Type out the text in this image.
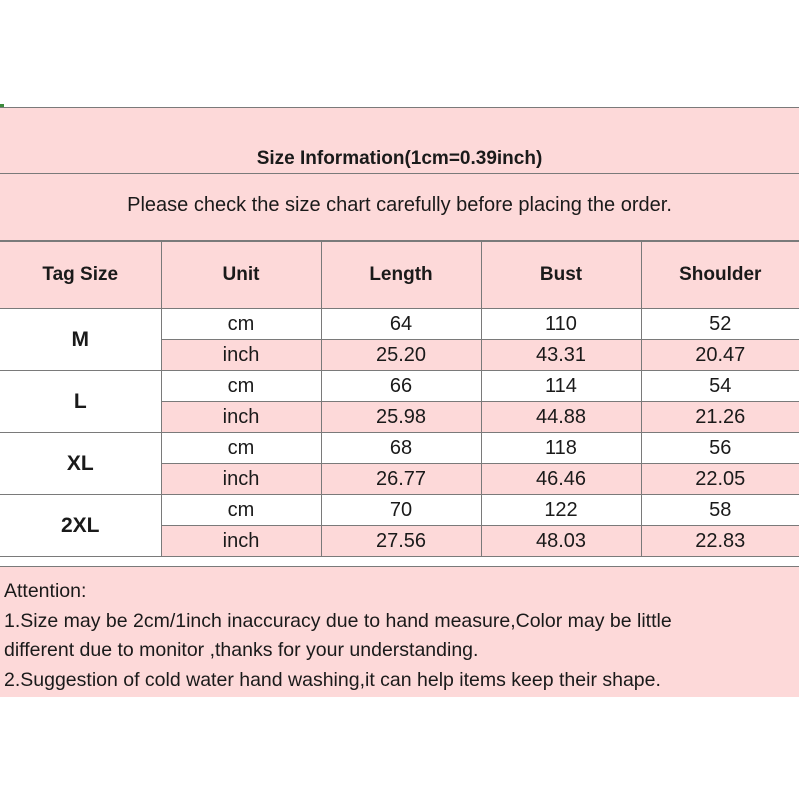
Size Information(1cm=0.39inch)
Please check the size chart carefully before placing the order.
Tag Size	Unit	Length	Bust	Shoulder
M	cm	64	110	52
	inch	25.20	43.31	20.47
L	cm	66	114	54
	inch	25.98	44.88	21.26
XL	cm	68	118	56
	inch	26.77	46.46	22.05
2XL	cm	70	122	58
	inch	27.56	48.03	22.83
Attention:
1.Size may be 2cm/1inch inaccuracy due to hand measure,Color may be little
different due to monitor ,thanks for your understanding.
2.Suggestion of cold water hand washing,it can help items keep their shape.
